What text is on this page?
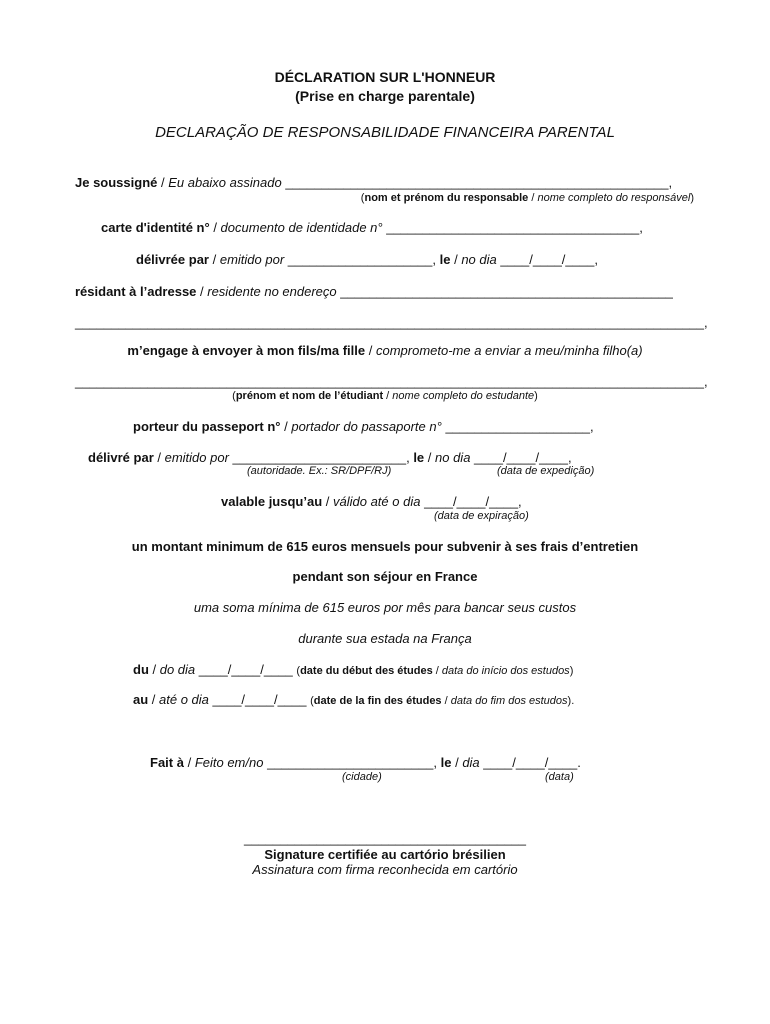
DÉCLARATION SUR L'HONNEUR
(Prise en charge parentale)
DECLARAÇÃO DE RESPONSABILIDADE FINANCEIRA PARENTAL
Je soussigné / Eu abaixo assinado _____________________________________________________,
(nom et prénom du responsable / nome completo do responsável)
carte d'identité n° / documento de identidade n° ___________________________________,
délivrée par / emitido por ____________________, le / no dia ____/____/____,
résidant à l’adresse / residente no endereço ______________________________________________
_______________________________________________________________________________________,
m’engage à envoyer à mon fils/ma fille / comprometo-me a enviar a meu/minha filho(a)
_______________________________________________________________________________________,
(prénom et nom de l’étudiant / nome completo do estudante)
porteur du passeport n° / portador do passaporte n° ____________________,
délivré par / emitido por ________________________, le / no dia ____/____/____,
(autoridade. Ex.: SR/DPF/RJ)	(data de expedição)
valable jusqu’au / válido até o dia ____/____/____,
(data de expiração)
un montant minimum de 615 euros mensuels pour subvenir à ses frais d’entretien
pendant son séjour en France
uma soma mínima de 615 euros por mês para bancar seus custos
durante sua estada na França
du / do dia ____/____/____ (date du début des études / data do início dos estudos)
au / até o dia ____/____/____ (date de la fin des études / data do fim dos estudos).
Fait à / Feito em/no _______________________, le / dia ____/____/____.
(cidade)	(data)
_______________________________________
Signature certifiée au cartório brésilien
Assinatura com firma reconhecida em cartório
